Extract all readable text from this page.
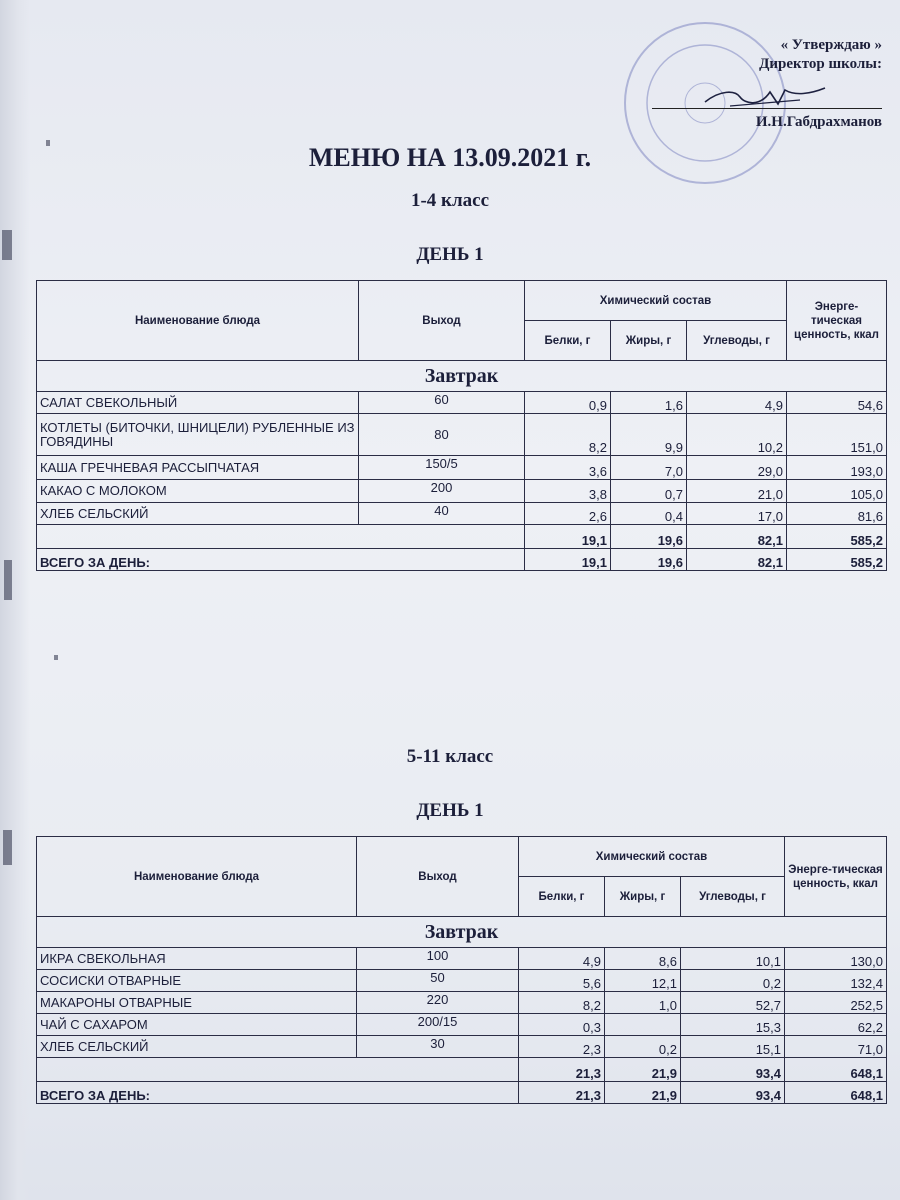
« Утверждаю »
Директор школы:
И.Н.Габдрахманов
МЕНЮ НА 13.09.2021 г.
1-4 класс
ДЕНЬ 1
Наименование блюда	Выход	Химический состав			Энерге-тическая ценность, ккал
		Белки, г	Жиры, г	Углеводы, г	
Завтрак					
САЛАТ СВЕКОЛЬНЫЙ	60	0,9	1,6	4,9	54,6
КОТЛЕТЫ (БИТОЧКИ, ШНИЦЕЛИ) РУБЛЕННЫЕ ИЗ ГОВЯДИНЫ	80	8,2	9,9	10,2	151,0
КАША ГРЕЧНЕВАЯ РАССЫПЧАТАЯ	150/5	3,6	7,0	29,0	193,0
КАКАО С МОЛОКОМ	200	3,8	0,7	21,0	105,0
ХЛЕБ СЕЛЬСКИЙ	40	2,6	0,4	17,0	81,6
		19,1	19,6	82,1	585,2
ВСЕГО ЗА ДЕНЬ:		19,1	19,6	82,1	585,2
5-11 класс
ДЕНЬ 1
Наименование блюда	Выход	Химический состав			Энерге-тическая ценность, ккал
		Белки, г	Жиры, г	Углеводы, г	
Завтрак					
ИКРА СВЕКОЛЬНАЯ	100	4,9	8,6	10,1	130,0
СОСИСКИ ОТВАРНЫЕ	50	5,6	12,1	0,2	132,4
МАКАРОНЫ ОТВАРНЫЕ	220	8,2	1,0	52,7	252,5
ЧАЙ С САХАРОМ	200/15	0,3		15,3	62,2
ХЛЕБ СЕЛЬСКИЙ	30	2,3	0,2	15,1	71,0
		21,3	21,9	93,4	648,1
ВСЕГО ЗА ДЕНЬ:		21,3	21,9	93,4	648,1
